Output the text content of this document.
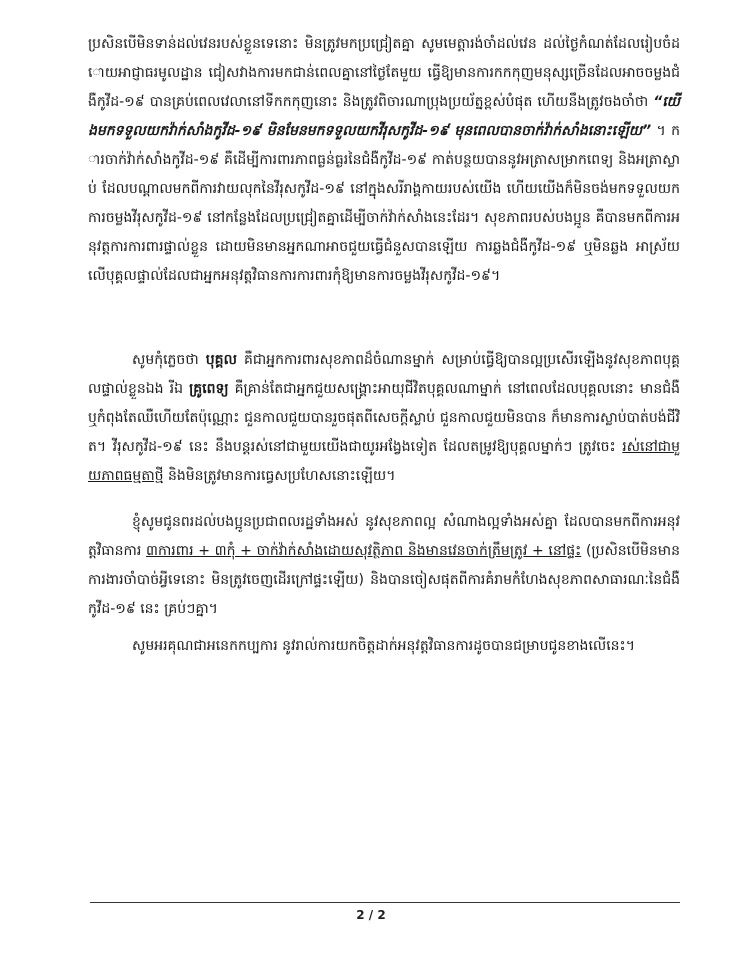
ប្រសិនបើមិនទាន់ដល់វេនរបស់ខ្លួនទេនោះ មិនត្រូវមកប្រជ្រៀតគ្នា សូមមេត្តារង់ចាំដល់វេន ដល់ថ្ងៃកំណត់ដែលរៀបចំដោយអាជ្ញាធរមូលដ្ឋាន ជៀសវាងការមកជាន់ពេលគ្នានៅថ្ងៃតែមួយ ធ្វើឱ្យមានការកកកុញមនុស្សច្រើនដែលអាចចម្លងជំងឺកូវីដ-១៩ បានគ្រប់ពេលវេលានៅទីកកកុញនោះ និងត្រូវពិចារណាប្រុងប្រយ័ត្នខ្ពស់បំផុត ហើយនឹងត្រូវចងចាំថា “យើងមកទទួលយកវ៉ាក់សាំងកូវីដ-១៩ មិនមែនមកទទួលយកវីរុសកូវីដ-១៩ មុនពេលបានចាក់វ៉ាក់សាំងនោះឡើយ” ។ ការចាក់វ៉ាក់សាំងកូវីដ-១៩ គឺដើម្បីការពារភាពធ្ងន់ធ្ងរនៃជំងឺកូវីដ-១៩ កាត់បន្ថយបាននូវអត្រាសម្រាកពេទ្យ និងអត្រាស្លាប់ ដែលបណ្ដាលមកពីការវាយលុកនៃវីរុសកូវីដ-១៩ នៅក្នុងសរីរាង្គកាយរបស់យើង ហើយយើងក៏មិនចង់មកទទួលយកការចម្លងវីរុសកូវីដ-១៩ នៅកន្លែងដែលប្រជ្រៀតគ្នាដើម្បីចាក់វ៉ាក់សាំងនេះដែរ។ សុខភាពរបស់បងប្អូន គឺបានមកពីការអនុវត្តការការពារផ្ទាល់ខ្លួន ដោយមិនមានអ្នកណាអាចជួយធ្វើជំនួសបានឡើយ ការឆ្លងជំងឺកូវីដ-១៩ ឬមិនឆ្លង អាស្រ័យលើបុគ្គលផ្ទាល់ដែលជាអ្នកអនុវត្តវិធានការការពារកុំឱ្យមានការចម្លងវីរុសកូវីដ-១៩។

សូមកុំភ្លេចថា បុគ្គល គឺជាអ្នកការពារសុខភាពដ៏ចំណានម្នាក់ សម្រាប់ធ្វើឱ្យបានល្អប្រសើរឡើងនូវសុខភាពបុគ្គលផ្ទាល់ខ្លួនឯង រីឯ គ្រូពេទ្យ គឺគ្រាន់តែជាអ្នកជួយសង្គ្រោះអាយុជីវិតបុគ្គលណាម្នាក់ នៅពេលដែលបុគ្គលនោះ មានជំងឺ ឬកំពុងតែឈឺហើយតែប៉ុណ្ណោះ ជួនកាលជួយបានរួចផុតពីសេចក្ដីស្លាប់ ជួនកាលជួយមិនបាន ក៏មានការស្លាប់បាត់បង់ជីវិត។ វីរុសកូវីដ-១៩ នេះ នឹងបន្តរស់នៅជាមួយយើងជាយូរអង្វែងទៀត ដែលតម្រូវឱ្យបុគ្គលម្នាក់ៗ ត្រូវចេះ រស់នៅជាមួយភាពធម្មតាថ្មី និងមិនត្រូវមានការធ្វេសប្រហែសនោះឡើយ។

ខ្ញុំសូមជូនពរដល់បងប្អូនប្រជាពលរដ្ឋទាំងអស់ នូវសុខភាពល្អ សំណាងល្អទាំងអស់គ្នា ដែលបានមកពីការអនុវត្តវិធានការ ៣ការពារ + ៣កុំ + ចាក់វ៉ាក់សាំងដោយសុវត្ថិភាព និងមានវេនចាក់ត្រឹមត្រូវ + នៅផ្ទះ (ប្រសិនបើមិនមានការងារចាំបាច់អ្វីទេនោះ មិនត្រូវចេញដើរក្រៅផ្ទះឡើយ) និងបានចៀសផុតពីការគំរាមកំហែងសុខភាពសាធារណៈនៃជំងឺកូវីដ-១៩ នេះ គ្រប់ៗគ្នា។

សូមអរគុណជាអនេកកប្បការ នូវរាល់ការយកចិត្តដាក់អនុវត្តវិធានការដូចបានជម្រាបជូនខាងលើនេះ។

2 / 2
